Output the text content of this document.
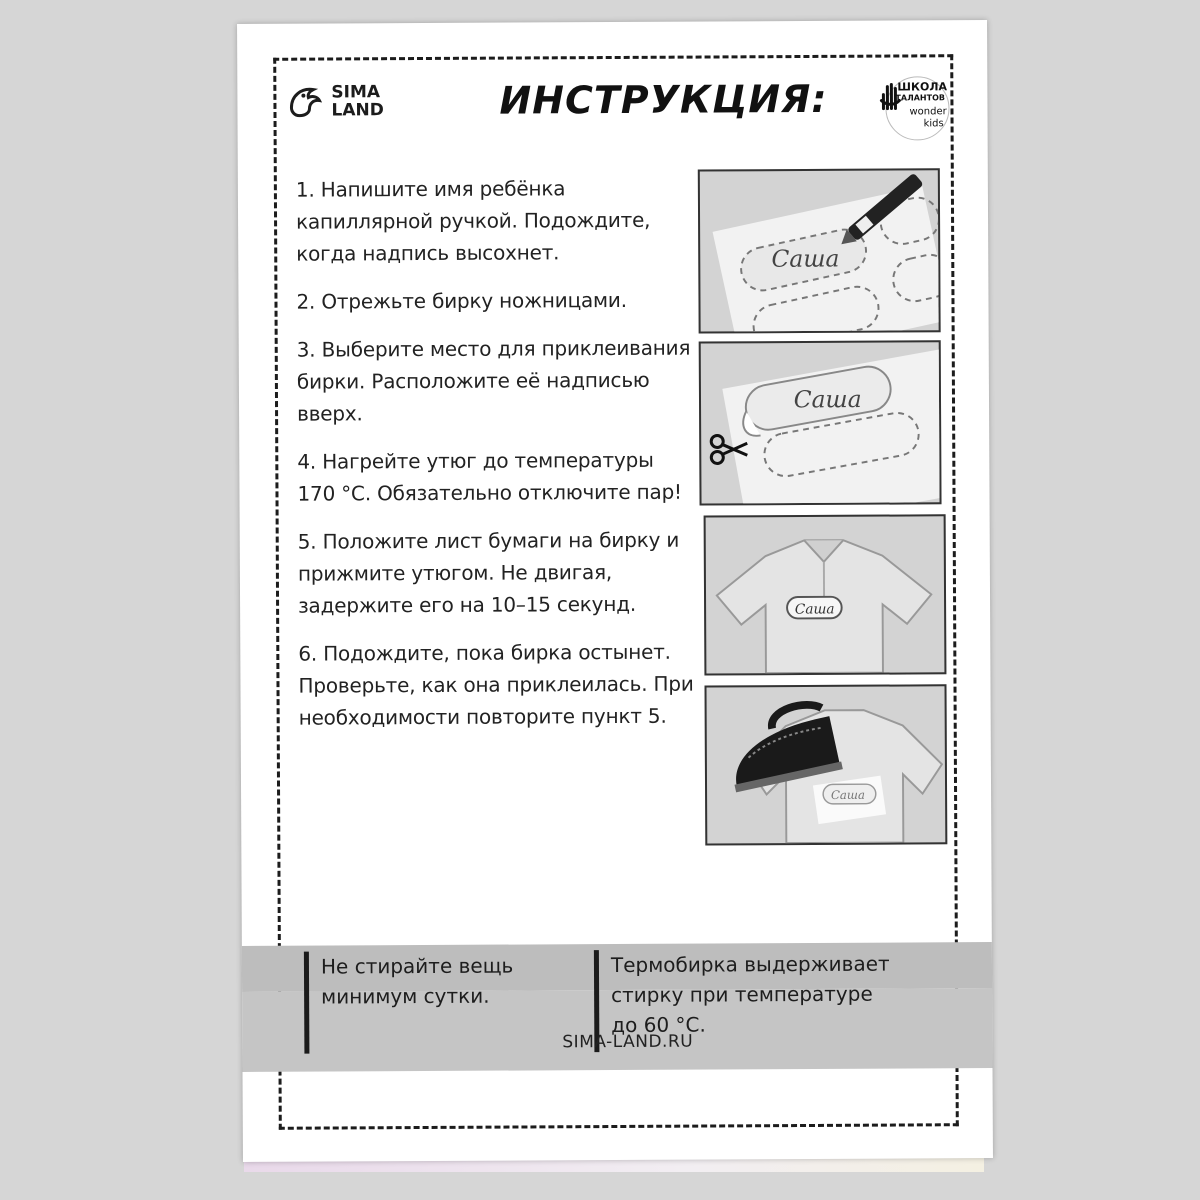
SIMA
LAND	ИНСТРУКЦИЯ:	ШКОЛА
ТАЛАНТОВ
wonder
kids

1. Напишите имя ребёнка капиллярной ручкой. Подождите, когда надпись высохнет.

2. Отрежьте бирку ножницами.

3. Выберите место для приклеивания бирки. Расположите её надписью вверх.

4. Нагрейте утюг до температуры 170 °С. Обязательно отключите пар!

5. Положите лист бумаги на бирку и прижмите утюгом. Не двигая, задержите его на 10–15 секунд.

6. Подождите, пока бирка остынет. Проверьте, как она приклеилась. При необходимости повторите пункт 5.

Саша
Саша
Саша
Саша
Не стирайте вещь
минимум сутки.
Термобирка выдерживает
стирку при температуре
до 60 °С.
SIMA-LAND.RU
